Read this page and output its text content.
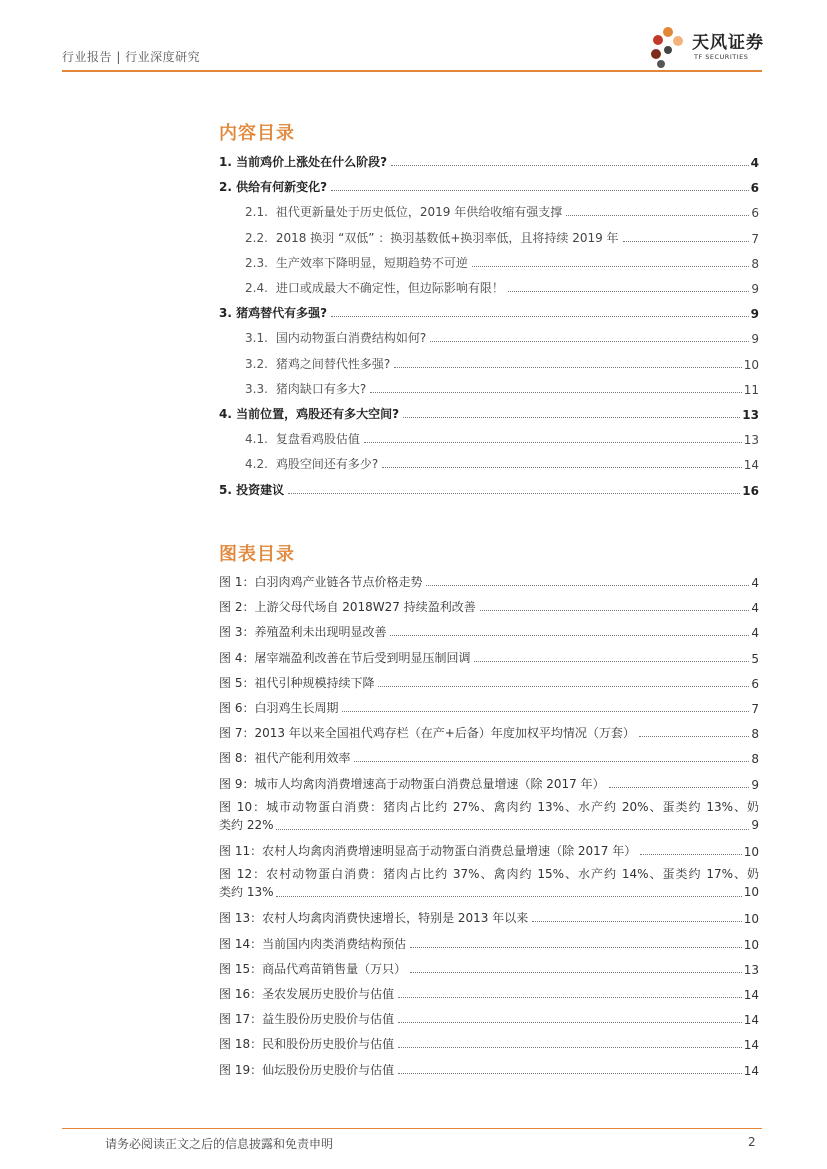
行业报告 | 行业深度研究
天风证券
TF SECURITIES
内容目录
1. 当前鸡价上涨处在什么阶段?	4
2. 供给有何新变化?	6
2.1. 祖代更新量处于历史低位，2019 年供给收缩有强支撑	6
2.2. 2018 换羽 “双低” ：换羽基数低+换羽率低，且将持续 2019 年	7
2.3. 生产效率下降明显，短期趋势不可逆	8
2.4. 进口或成最大不确定性，但边际影响有限！	9
3. 猪鸡替代有多强?	9
3.1. 国内动物蛋白消费结构如何?	9
3.2. 猪鸡之间替代性多强?	10
3.3. 猪肉缺口有多大?	11
4. 当前位置，鸡股还有多大空间?	13
4.1. 复盘看鸡股估值	13
4.2. 鸡股空间还有多少?	14
5. 投资建议	16
图表目录
图 1：白羽肉鸡产业链各节点价格走势	4
图 2：上游父母代场自 2018W27 持续盈利改善	4
图 3：养殖盈利未出现明显改善	4
图 4：屠宰端盈利改善在节后受到明显压制回调	5
图 5：祖代引种规模持续下降	6
图 6：白羽鸡生长周期	7
图 7：2013 年以来全国祖代鸡存栏（在产+后备）年度加权平均情况（万套）	8
图 8：祖代产能利用效率	8
图 9：城市人均禽肉消费增速高于动物蛋白消费总量增速（除 2017 年）	9
图 10：城市动物蛋白消费：猪肉占比约 27%、禽肉约 13%、水产约 20%、蛋类约 13%、奶
类约 22%	9
图 11：农村人均禽肉消费增速明显高于动物蛋白消费总量增速（除 2017 年）	10
图 12：农村动物蛋白消费：猪肉占比约 37%、禽肉约 15%、水产约 14%、蛋类约 17%、奶
类约 13%	10
图 13：农村人均禽肉消费快速增长，特别是 2013 年以来	10
图 14：当前国内肉类消费结构预估	10
图 15：商品代鸡苗销售量（万只）	13
图 16：圣农发展历史股价与估值	14
图 17：益生股份历史股价与估值	14
图 18：民和股份历史股价与估值	14
图 19：仙坛股份历史股价与估值	14
请务必阅读正文之后的信息披露和免责申明	2
